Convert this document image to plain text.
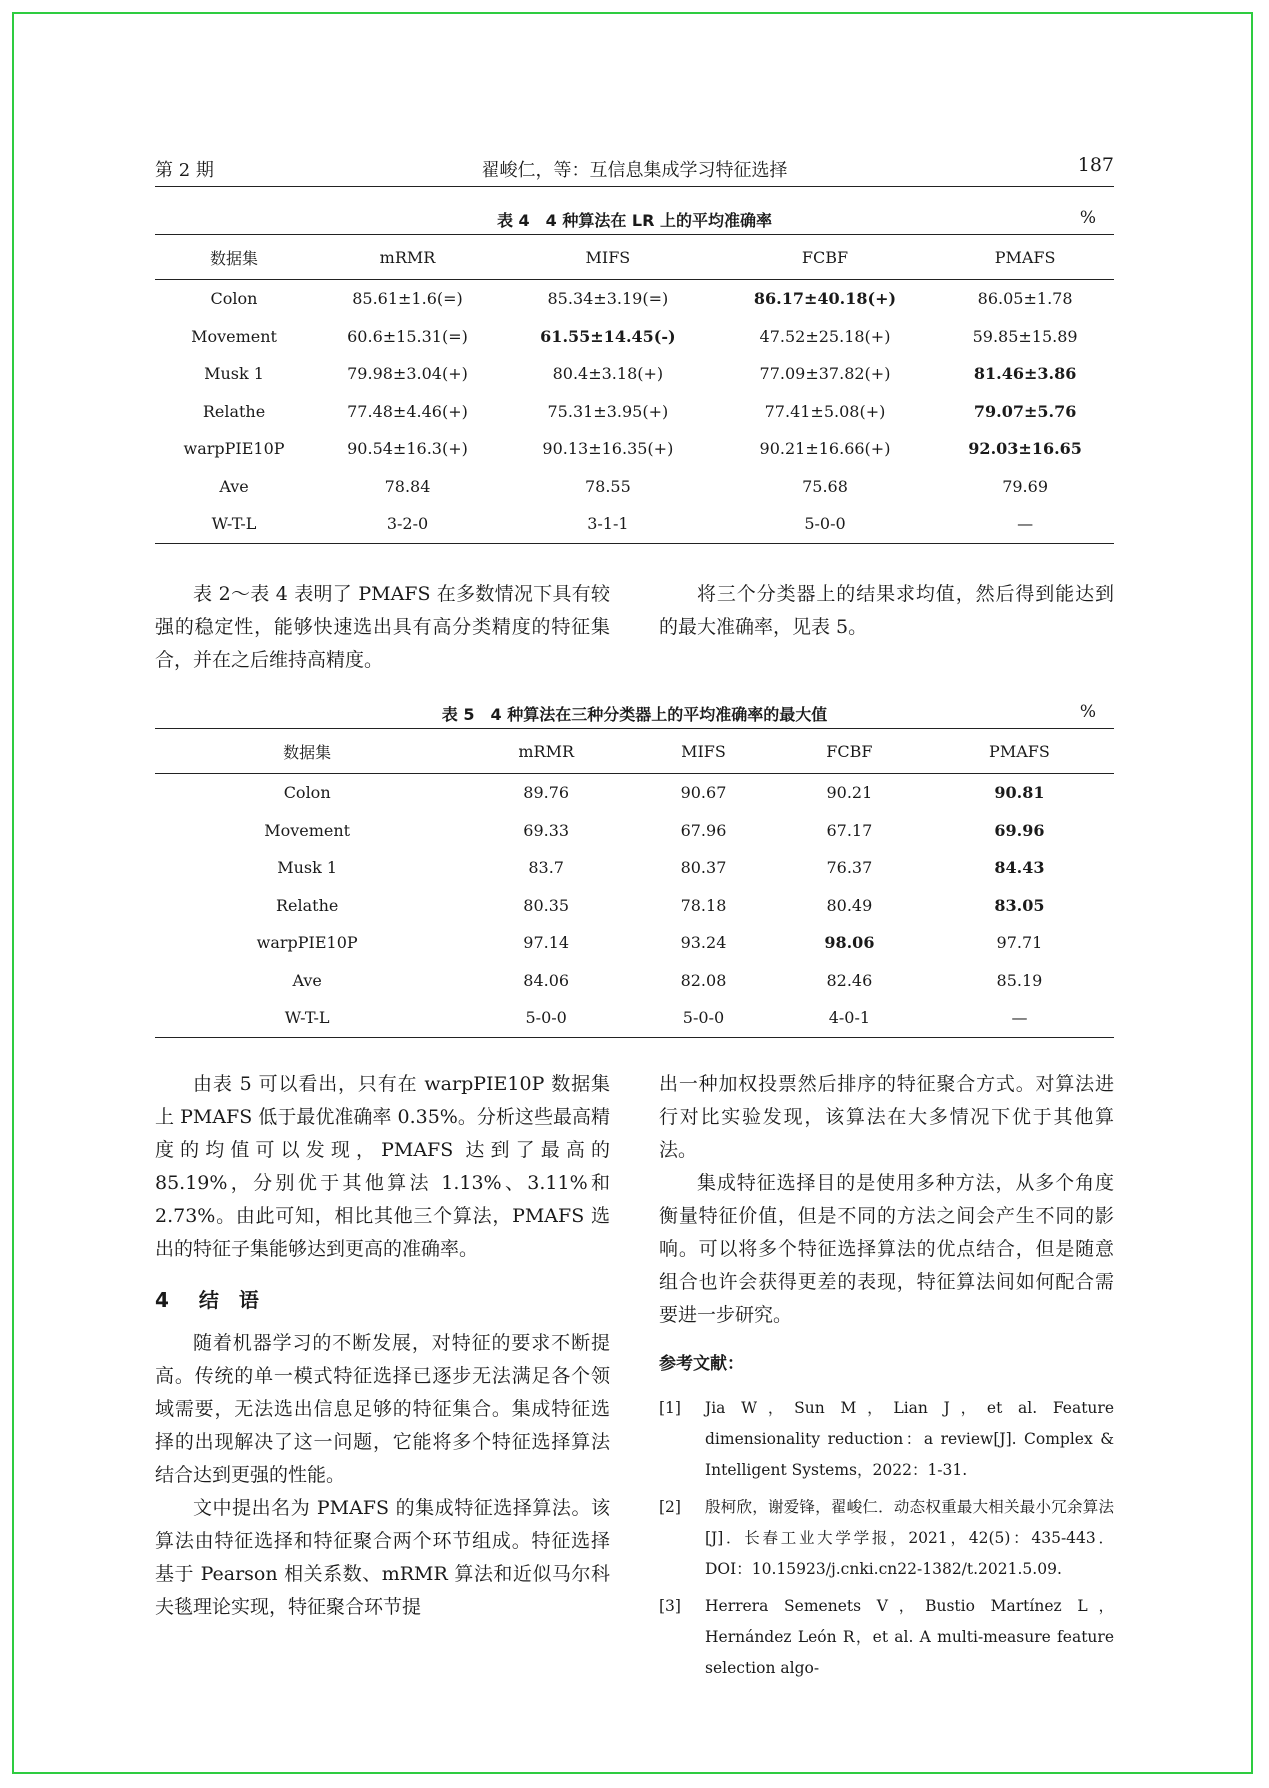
第 2 期	翟峻仁，等：互信息集成学习特征选择	187
表 4　4 种算法在 LR 上的平均准确率	%
数据集	mRMR	MIFS	FCBF	PMAFS
Colon	85.61±1.6(=)	85.34±3.19(=)	86.17±40.18(+)	86.05±1.78
Movement	60.6±15.31(=)	61.55±14.45(-)	47.52±25.18(+)	59.85±15.89
Musk 1	79.98±3.04(+)	80.4±3.18(+)	77.09±37.82(+)	81.46±3.86
Relathe	77.48±4.46(+)	75.31±3.95(+)	77.41±5.08(+)	79.07±5.76
warpPIE10P	90.54±16.3(+)	90.13±16.35(+)	90.21±16.66(+)	92.03±16.65
Ave	78.84	78.55	75.68	79.69
W-T-L	3-2-0	3-1-1	5-0-0	—

表 2～表 4 表明了 PMAFS 在多数情况下具有较强的稳定性，能够快速选出具有高分类精度的特征集合，并在之后维持高精度。

将三个分类器上的结果求均值，然后得到能达到的最大准确率，见表 5。

表 5　4 种算法在三种分类器上的平均准确率的最大值	%
数据集	mRMR	MIFS	FCBF	PMAFS
Colon	89.76	90.67	90.21	90.81
Movement	69.33	67.96	67.17	69.96
Musk 1	83.7	80.37	76.37	84.43
Relathe	80.35	78.18	80.49	83.05
warpPIE10P	97.14	93.24	98.06	97.71
Ave	84.06	82.08	82.46	85.19
W-T-L	5-0-0	5-0-0	4-0-1	—

由表 5 可以看出，只有在 warpPIE10P 数据集上 PMAFS 低于最优准确率 0.35%。分析这些最高精度的均值可以发现，PMAFS 达到了最高的 85.19%，分别优于其他算法 1.13%、3.11%和 2.73%。由此可知，相比其他三个算法，PMAFS 选出的特征子集能够达到更高的准确率。

4 结　语

随着机器学习的不断发展，对特征的要求不断提高。传统的单一模式特征选择已逐步无法满足各个领域需要，无法选出信息足够的特征集合。集成特征选择的出现解决了这一问题，它能将多个特征选择算法结合达到更强的性能。

文中提出名为 PMAFS 的集成特征选择算法。该算法由特征选择和特征聚合两个环节组成。特征选择基于 Pearson 相关系数、mRMR 算法和近似马尔科夫毯理论实现，特征聚合环节提

出一种加权投票然后排序的特征聚合方式。对算法进行对比实验发现，该算法在大多情况下优于其他算法。

集成特征选择目的是使用多种方法，从多个角度衡量特征价值，但是不同的方法之间会产生不同的影响。可以将多个特征选择算法的优点结合，但是随意组合也许会获得更差的表现，特征算法间如何配合需要进一步研究。

参考文献：
[1] Jia W，Sun M，Lian J，et al. Feature dimensionality reduction：a review[J]. Complex & Intelligent Systems，2022：1-31.
[2] 殷柯欣，谢爱锋，翟峻仁．动态权重最大相关最小冗余算法[J]．长春工业大学学报，2021，42(5)：435-443．DOI：10.15923/j.cnki.cn22-1382/t.2021.5.09.
[3] Herrera Semenets V，Bustio Martínez L，Hernández León R，et al. A multi-measure feature selection algo-
